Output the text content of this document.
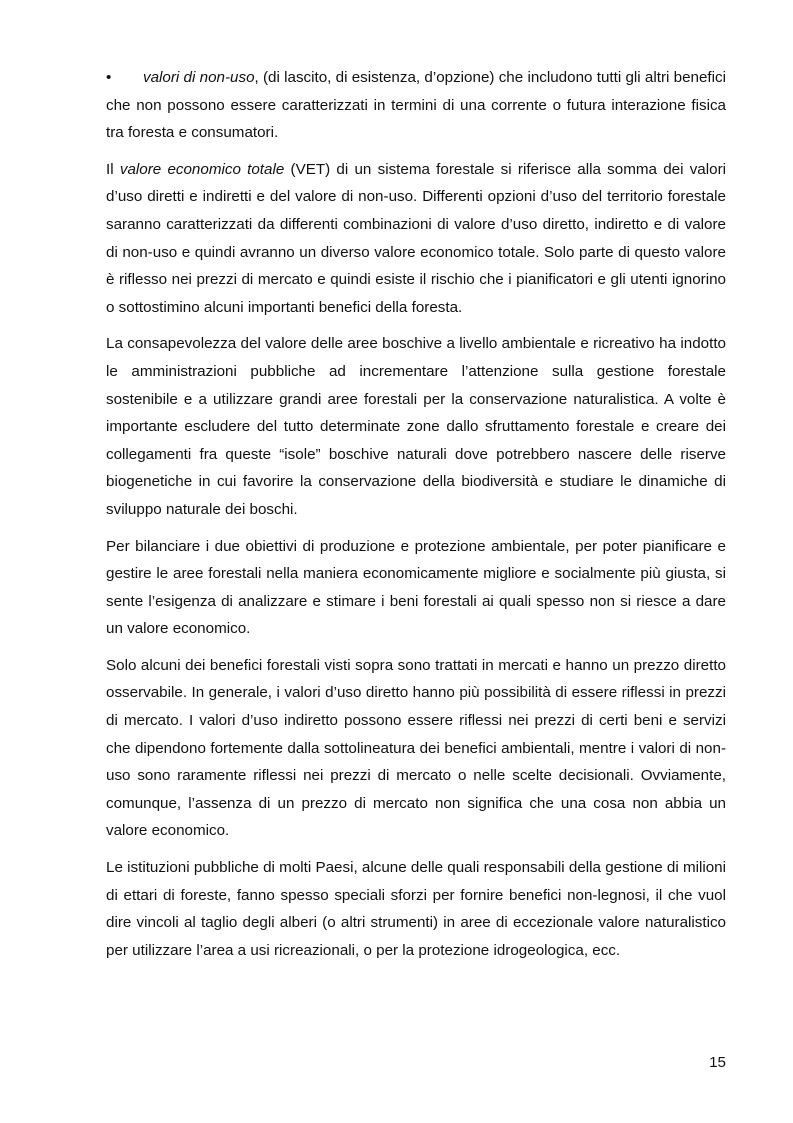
• valori di non-uso, (di lascito, di esistenza, d’opzione) che includono tutti gli altri benefici che non possono essere caratterizzati in termini di una corrente o futura interazione fisica tra foresta e consumatori.

Il valore economico totale (VET) di un sistema forestale si riferisce alla somma dei valori d’uso diretti e indiretti e del valore di non-uso. Differenti opzioni d’uso del territorio forestale saranno caratterizzati da differenti combinazioni di valore d’uso diretto, indiretto e di valore di non-uso e quindi avranno un diverso valore economico totale. Solo parte di questo valore è riflesso nei prezzi di mercato e quindi esiste il rischio che i pianificatori e gli utenti ignorino o sottostimino alcuni importanti benefici della foresta.

La consapevolezza del valore delle aree boschive a livello ambientale e ricreativo ha indotto le amministrazioni pubbliche ad incrementare l’attenzione sulla gestione forestale sostenibile e a utilizzare grandi aree forestali per la conservazione naturalistica. A volte è importante escludere del tutto determinate zone dallo sfruttamento forestale e creare dei collegamenti fra queste “isole” boschive naturali dove potrebbero nascere delle riserve biogenetiche in cui favorire la conservazione della biodiversità e studiare le dinamiche di sviluppo naturale dei boschi.

Per bilanciare i due obiettivi di produzione e protezione ambientale, per poter pianificare e gestire le aree forestali nella maniera economicamente migliore e socialmente più giusta, si sente l’esigenza di analizzare e stimare i beni forestali ai quali spesso non si riesce a dare un valore economico.

Solo alcuni dei benefici forestali visti sopra sono trattati in mercati e hanno un prezzo diretto osservabile. In generale, i valori d’uso diretto hanno più possibilità di essere riflessi in prezzi di mercato. I valori d’uso indiretto possono essere riflessi nei prezzi di certi beni e servizi che dipendono fortemente dalla sottolineatura dei benefici ambientali, mentre i valori di non-uso sono raramente riflessi nei prezzi di mercato o nelle scelte decisionali. Ovviamente, comunque, l’assenza di un prezzo di mercato non significa che una cosa non abbia un valore economico.

Le istituzioni pubbliche di molti Paesi, alcune delle quali responsabili della gestione di milioni di ettari di foreste, fanno spesso speciali sforzi per fornire benefici non-legnosi, il che vuol dire vincoli al taglio degli alberi (o altri strumenti) in aree di eccezionale valore naturalistico per utilizzare l’area a usi ricreazionali, o per la protezione idrogeologica, ecc.

15
